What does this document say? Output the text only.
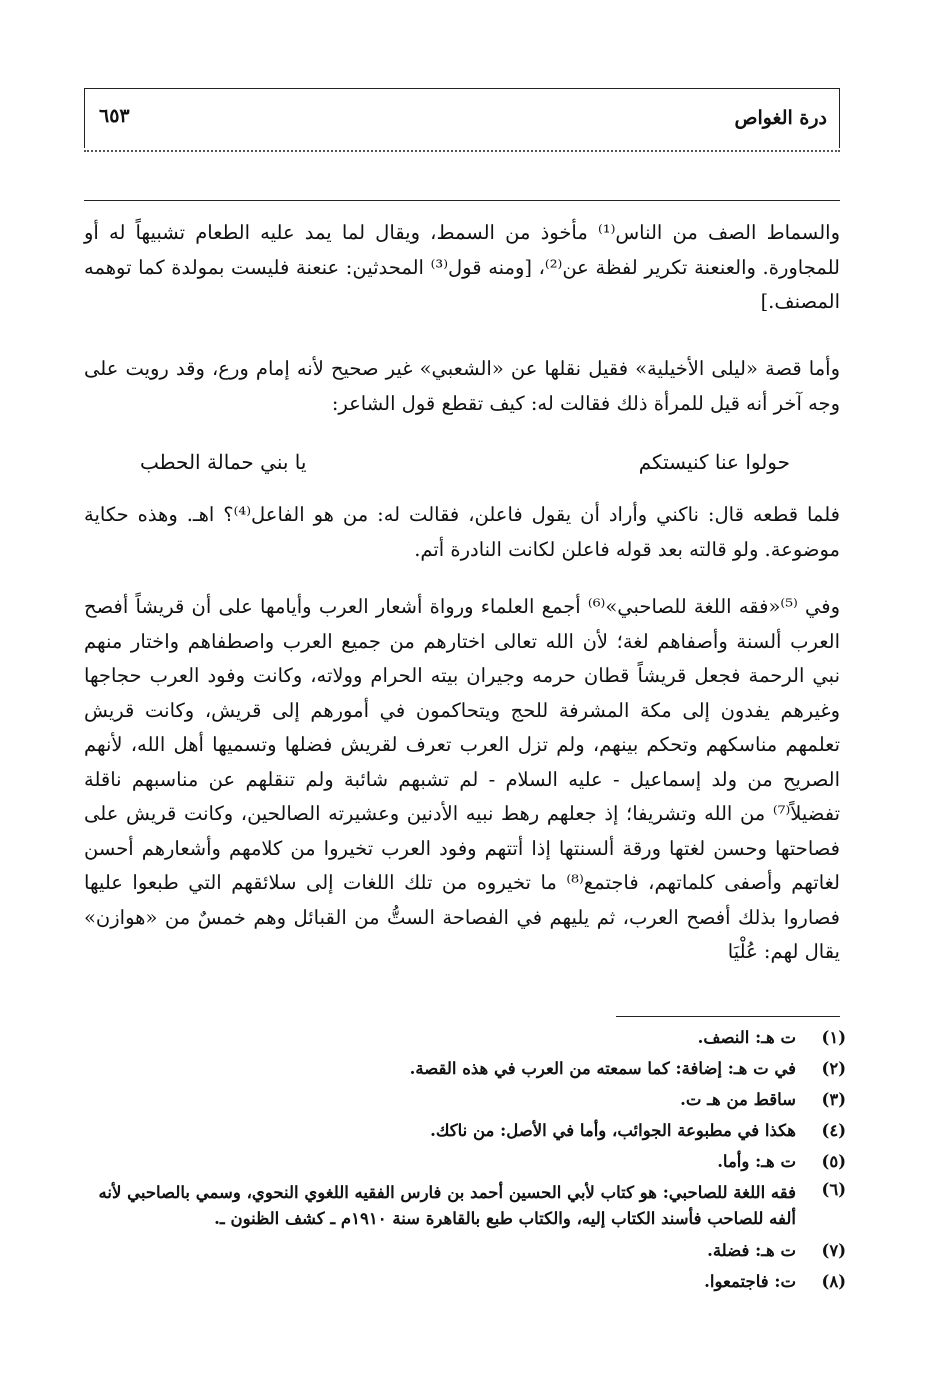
درة الغواص
٦٥٣

والسماط الصف من الناس⁽¹⁾ مأخوذ من السمط، ويقال لما يمد عليه الطعام تشبيهاً له أو للمجاورة. والعنعنة تكرير لفظة عن⁽²⁾، [ومنه قول⁽³⁾ المحدثين: عنعنة فليست بمولدة كما توهمه المصنف.]

وأما قصة «ليلى الأخيلية» فقيل نقلها عن «الشعبي» غير صحيح لأنه إمام ورع، وقد رويت على وجه آخر أنه قيل للمرأة ذلك فقالت له: كيف تقطع قول الشاعر:

حولوا عنا كنيستكم
يا بني حمالة الحطب

فلما قطعه قال: ناكني وأراد أن يقول فاعلن، فقالت له: من هو الفاعل⁽⁴⁾؟ اهـ. وهذه حكاية موضوعة. ولو قالته بعد قوله فاعلن لكانت النادرة أتم.

وفي ⁽⁵⁾«فقه اللغة للصاحبي»⁽⁶⁾ أجمع العلماء ورواة أشعار العرب وأيامها على أن قريشاً أفصح العرب ألسنة وأصفاهم لغة؛ لأن الله تعالى اختارهم من جميع العرب واصطفاهم واختار منهم نبي الرحمة فجعل قريشاً قطان حرمه وجيران بيته الحرام وولاته، وكانت وفود العرب حجاجها وغيرهم يفدون إلى مكة المشرفة للحج ويتحاكمون في أمورهم إلى قريش، وكانت قريش تعلمهم مناسكهم وتحكم بينهم، ولم تزل العرب تعرف لقريش فضلها وتسميها أهل الله، لأنهم الصريح من ولد إسماعيل - عليه السلام - لم تشبهم شائبة ولم تنقلهم عن مناسبهم ناقلة تفضيلاً⁽⁷⁾ من الله وتشريفا؛ إذ جعلهم رهط نبيه الأدنين وعشيرته الصالحين، وكانت قريش على فصاحتها وحسن لغتها ورقة ألسنتها إذا أتتهم وفود العرب تخيروا من كلامهم وأشعارهم أحسن لغاتهم وأصفى كلماتهم، فاجتمع⁽⁸⁾ ما تخيروه من تلك اللغات إلى سلائقهم التي طبعوا عليها فصاروا بذلك أفصح العرب، ثم يليهم في الفصاحة الستُّ من القبائل وهم خمسٌ من «هوازن» يقال لهم: عُلْيَا

(١)
ت هـ: النصف.
(٢)
في ت هـ: إضافة: كما سمعته من العرب في هذه القصة.
(٣)
ساقط من هـ ت.
(٤)
هكذا في مطبوعة الجوائب، وأما في الأصل: من ناكك.
(٥)
ت هـ: وأما.
(٦)
فقه اللغة للصاحبي: هو كتاب لأبي الحسين أحمد بن فارس الفقيه اللغوي النحوي، وسمي بالصاحبي لأنه ألفه للصاحب فأسند الكتاب إليه، والكتاب طبع بالقاهرة سنة ١٩١٠م ـ كشف الظنون ـ.
(٧)
ت هـ: فضلة.
(٨)
ت: فاجتمعوا.
